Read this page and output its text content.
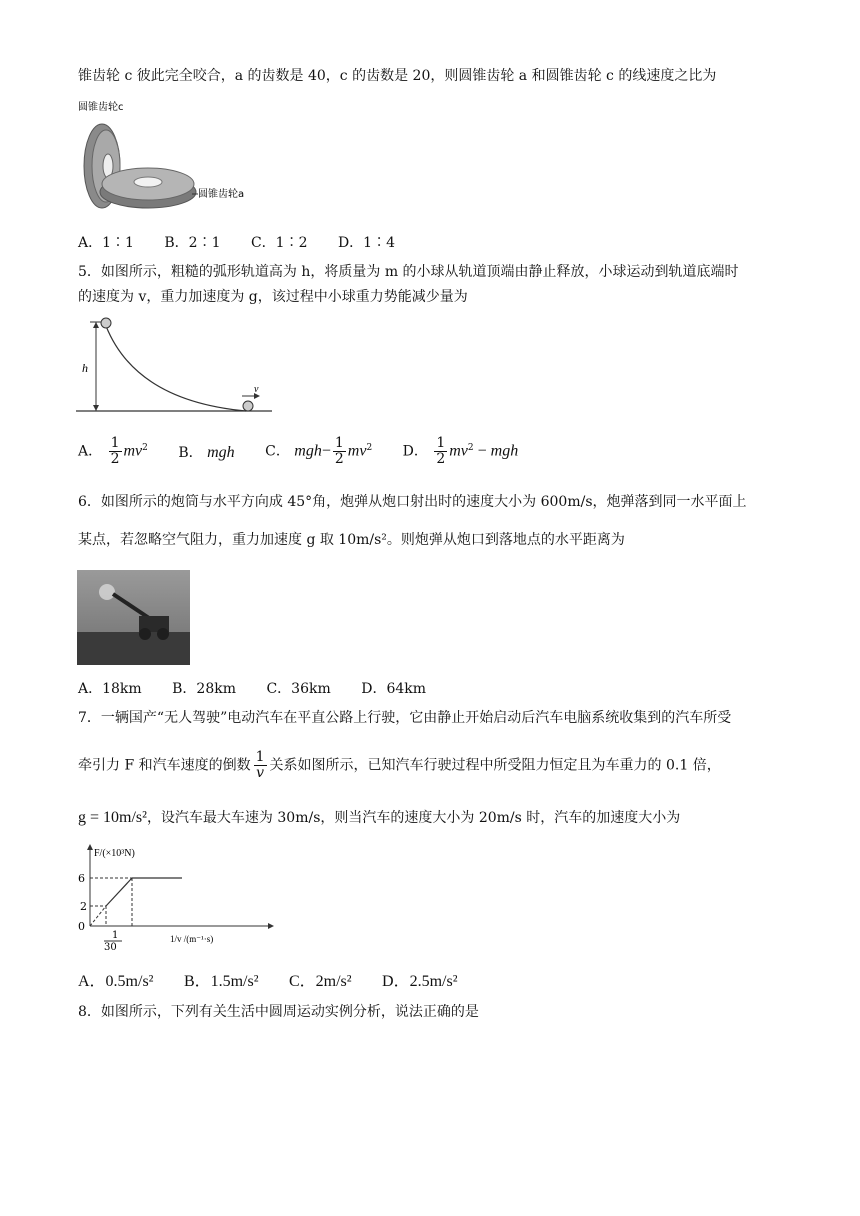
锥齿轮 c 彼此完全咬合，a 的齿数是 40，c 的齿数是 20，则圆锥齿轮 a 和圆锥齿轮 c 的线速度之比为
圆锥齿轮c
圆锥齿轮a
A．1∶1 B．2∶1 C．1∶2 D．1∶4
5．如图所示，粗糙的弧形轨道高为 h，将质量为 m 的小球从轨道顶端由静止释放，小球运动到轨道底端时
的速度为 v，重力加速度为 g，该过程中小球重力势能减少量为
h
v
A． $\frac{1}{2} mv^2$ B． mgh C． $mgh- \frac{1}{2} mv^2$ D． $\frac{1}{2} mv^2$ − mgh
6．如图所示的炮筒与水平方向成 45°角，炮弹从炮口射出时的速度大小为 600m/s，炮弹落到同一水平面上
某点，若忽略空气阻力，重力加速度 g 取 10m/s²。则炮弹从炮口到落地点的水平距离为
A．18km B．28km C．36km D．64km
7．一辆国产“无人驾驶”电动汽车在平直公路上行驶，它由静止开始启动后汽车电脑系统收集到的汽车所受
牵引力 F 和汽车速度的倒数 $\frac{1}{v}$ 关系如图所示，已知汽车行驶过程中所受阻力恒定且为车重力的 0.1 倍，
g = 10m/s²，设汽车最大车速为 30m/s，则当汽车的速度大小为 20m/s 时，汽车的加速度大小为
F/(×10³N)
6
2
0
1
30
1/v /(m⁻¹·s)
A．0.5m/s² B．1.5m/s² C．2m/s² D．2.5m/s²
8．如图所示，下列有关生活中圆周运动实例分析，说法正确的是
